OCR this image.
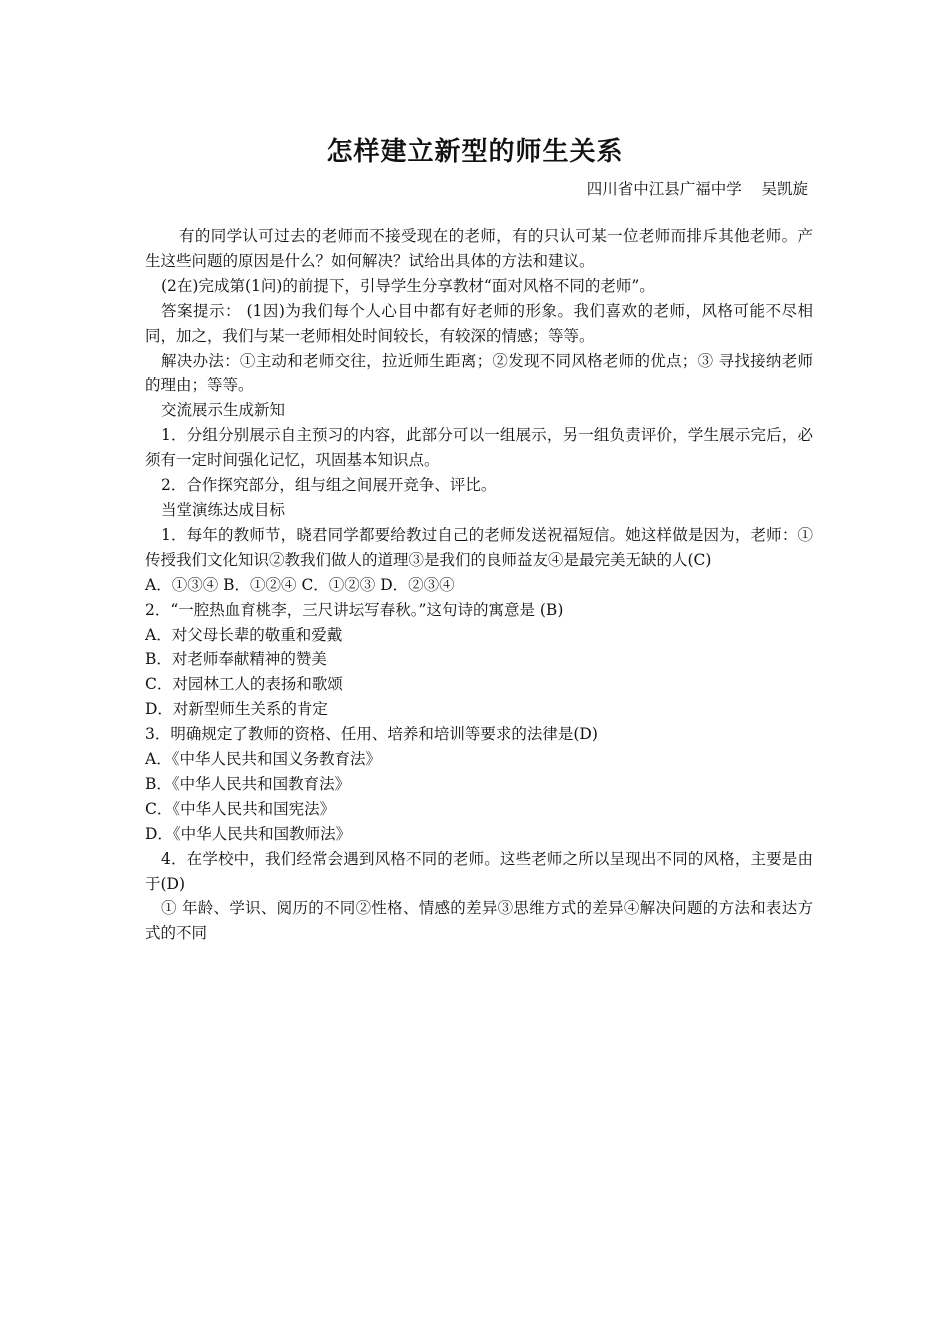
怎样建立新型的师生关系
四川省中江县广福中学    吴凯旋

有的同学认可过去的老师而不接受现在的老师，有的只认可某一位老师而排斥其他老师。产生这些问题的原因是什么？如何解决？试给出具体的方法和建议。

(2在)完成第(1问)的前提下，引导学生分享教材“面对风格不同的老师”。

答案提示： (1因)为我们每个人心目中都有好老师的形象。我们喜欢的老师，风格可能不尽相同，加之，我们与某一老师相处时间较长，有较深的情感；等等。

解决办法：①主动和老师交往，拉近师生距离；②发现不同风格老师的优点；③ 寻找接纳老师的理由；等等。

交流展示生成新知

1．分组分别展示自主预习的内容，此部分可以一组展示，另一组负责评价，学生展示完后，必须有一定时间强化记忆，巩固基本知识点。

2．合作探究部分，组与组之间展开竞争、评比。

当堂演练达成目标

1．每年的教师节，晓君同学都要给教过自己的老师发送祝福短信。她这样做是因为，老师：①传授我们文化知识②教我们做人的道理③是我们的良师益友④是最完美无缺的人(C)

A．①③④ B．①②④ C．①②③ D．②③④

2．“一腔热血育桃李，三尺讲坛写春秋。”这句诗的寓意是 (B)

A．对父母长辈的敬重和爱戴

B．对老师奉献精神的赞美

C．对园林工人的表扬和歌颂

D．对新型师生关系的肯定

3．明确规定了教师的资格、任用、培养和培训等要求的法律是(D)

A．《中华人民共和国义务教育法》

B．《中华人民共和国教育法》

C．《中华人民共和国宪法》

D．《中华人民共和国教师法》

4．在学校中，我们经常会遇到风格不同的老师。这些老师之所以呈现出不同的风格，主要是由于(D)

① 年龄、学识、阅历的不同②性格、情感的差异③思维方式的差异④解决问题的方法和表达方式的不同
